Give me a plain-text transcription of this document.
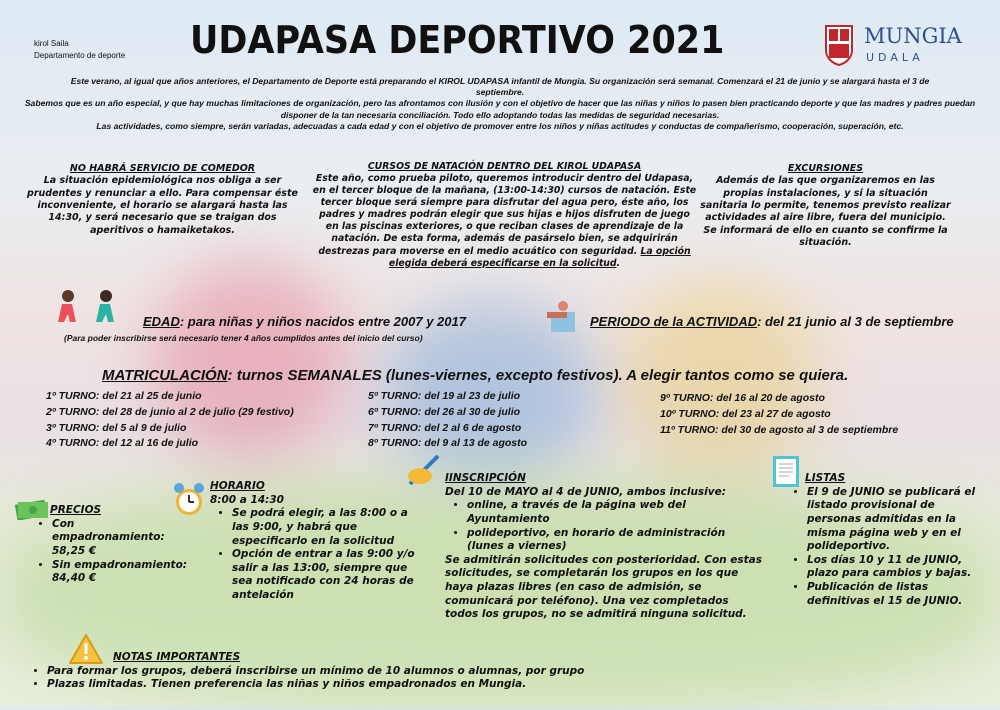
kirol Saila
Departamento de deporte UDAPASA DEPORTIVO 2021	MUNGIA
UDALA

Este verano, al igual que años anteriores, el Departamento de Deporte está preparando el KIROL UDAPASA infantil de Mungia. Su organización será semanal. Comenzará el 21 de junio y se alargará hasta el 3 de septiembre.

Sabemos que es un año especial, y que hay muchas limitaciones de organización, pero las afrontamos con ilusión y con el objetivo de hacer que las niñas y niños lo pasen bien practicando deporte y que las madres y padres puedan disponer de la tan necesaria conciliación. Todo ello adoptando todas las medidas de seguridad necesarias.

Las actividades, como siempre, serán variadas, adecuadas a cada edad y con el objetivo de promover entre los niños y niñas actitudes y conductas de compañerismo, cooperación, superación, etc.

NO HABRÁ SERVICIO DE COMEDOR

La situación epidemiológica nos obliga a ser prudentes y renunciar a ello. Para compensar éste inconveniente, el horario se alargará hasta las 14:30, y será necesario que se traigan dos aperitivos o hamaiketakos.

CURSOS DE NATACIÓN DENTRO DEL KIROL UDAPASA

Este año, como prueba piloto, queremos introducir dentro del Udapasa, en el tercer bloque de la mañana, (13:00-14:30) cursos de natación. Este tercer bloque será siempre para disfrutar del agua pero, éste año, los padres y madres podrán elegir que sus hijas e hijos disfruten de juego en las piscinas exteriores, o que reciban clases de aprendizaje de la natación. De esta forma, además de pasárselo bien, se adquirirán destrezas para moverse en el medio acuático con seguridad. La opción elegida deberá especificarse en la solicitud.

EXCURSIONES

Además de las que organizaremos en las propias instalaciones, y si la situación sanitaria lo permite, tenemos previsto realizar actividades al aire libre, fuera del municipio. Se informará de ello en cuanto se confirme la situación.

EDAD: para niñas y niños nacidos entre 2007 y 2017
(Para poder inscribirse será necesario tener 4 años cumplidos antes del inicio del curso)
PERIODO de la ACTIVIDAD: del 21 junio al 3 de septiembre
MATRICULACIÓN: turnos SEMANALES (lunes-viernes, excepto festivos). A elegir tantos como se quiera.
1º TURNO: del 21 al 25 de junio
2º TURNO: del 28 de junio al 2 de julio (29 festivo)
3º TURNO: del 5 al 9 de julio
4º TURNO: del 12 al 16 de julio
5º TURNO: del 19 al 23 de julio
6º TURNO: del 26 al 30 de julio
7º TURNO: del 2 al 6 de agosto
8º TURNO: del 9 al 13 de agosto
9º TURNO: del 16 al 20 de agosto
10º TURNO: del 23 al 27 de agosto
11º TURNO: del 30 de agosto al 3 de septiembre

PRECIOS

• Con empadronamiento: 58,25 €
• Sin empadronamiento: 84,40 €

HORARIO

8:00 a 14:30

• Se podrá elegir, a las 8:00 o a las 9:00, y habrá que especificarlo en la solicitud
• Opción de entrar a las 9:00 y/o salir a las 13:00, siempre que sea notificado con 24 horas de antelación

IINSCRIPCIÓN

Del 10 de MAYO al 4 de JUNIO, ambos inclusive:

• online, a través de la página web del Ayuntamiento
• polideportivo, en horario de administración (lunes a viernes)

Se admitirán solicitudes con posterioridad. Con estas solicitudes, se completarán los grupos en los que haya plazas libres (en caso de admisión, se comunicará por teléfono). Una vez completados todos los grupos, no se admitirá ninguna solicitud.

LISTAS

• El 9 de JUNIO se publicará el listado provisional de personas admitidas en la misma página web y en el polideportivo.
• Los días 10 y 11 de JUNIO, plazo para cambios y bajas.
• Publicación de listas definitivas el 15 de JUNIO.

NOTAS IMPORTANTES

• Para formar los grupos, deberá inscribirse un mínimo de 10 alumnos o alumnas, por grupo
• Plazas limitadas. Tienen preferencia las niñas y niños empadronados en Mungia.
